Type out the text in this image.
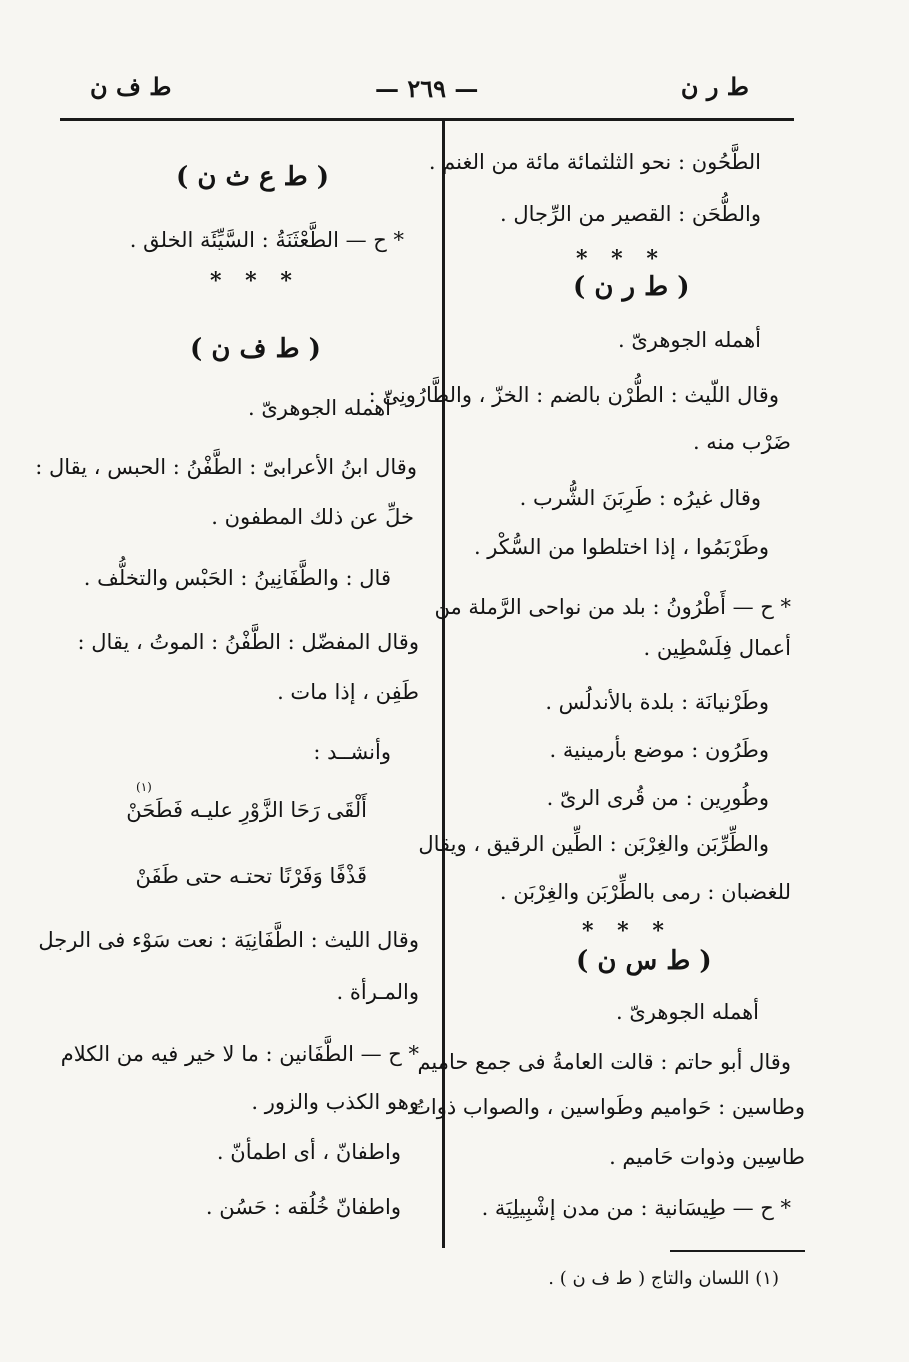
ط ر ن
— ٢٦٩ —
ط ف ن
الطَّحُون : نحو الثلثمائة مائة من الغنم .
والطُّحَن : القصير من الرِّجال .
* * *
( ط ر ن )
أهمله الجوهرىّ .
وقال اللّيث : الطُّرْن بالضم : الخزّ ، والطَّارُونِىّ :
ضَرْب منه .
وقال غيرُه : طَرِبَنَ الشُّرب .
وطَرْبَمُوا ، إذا اختلطوا من السُّكْر .
* ح — أَطْرُونُ : بلد من نواحى الرَّملة من
أعمال فِلَسْطِين .
وطَرْنيانَة : بلدة بالأندلُس .
وطَرُون : موضع بأرمينية .
وطُورِين : من قُرى الرىّ .
والطِّرِّبَن والغِرْبَن : الطِّين الرقيق ، ويقال
للغضبان : رمى بالطِّرْبَن والغِرْبَن .
* * *
( ط س ن )
أهمله الجوهرىّ .
وقال أبو حاتم : قالت العامةُ فى جمع حاميم
وطاسين : حَواميم وطَواسين ، والصواب ذواتُ
طاسِين وذوات حَاميم .
* ح — طِيسَانية : من مدن إشْبِيلِيَة .
( ط ع ث ن )
* ح — الطَّعْثَنَةُ : السَّيِّئَة الخلق .
* * *
( ط ف ن )
أهمله الجوهرىّ .
وقال ابنُ الأعرابىّ : الطَّفْنُ : الحبس ، يقال :
خلِّ عن ذلك المطفون .
قال : والطَّفَانِينُ : الحَبْس والتخلُّف .
وقال المفضّل : الطَّفْنُ : الموتُ ، يقال :
طَفِن ، إذا مات .
وأنشــد :
(١)
أَلْقَى رَحَا الزَّوْرِ عليـه فَطَحَنْ
قَذْفًا وَفَرْنًا تحتـه حتى طَفَنْ
وقال الليث : الطَّفَانِيَة : نعت سَوْء فى الرجل
والمـرأة .
* ح — الطَّفَانين : ما لا خير فيه من الكلام
وهو الكذب والزور .
واطفانّ ، أى اطمأنّ .
واطفانّ خُلُقه : حَسُن .
(١) اللسان والتاج ( ط ف ن ) .
